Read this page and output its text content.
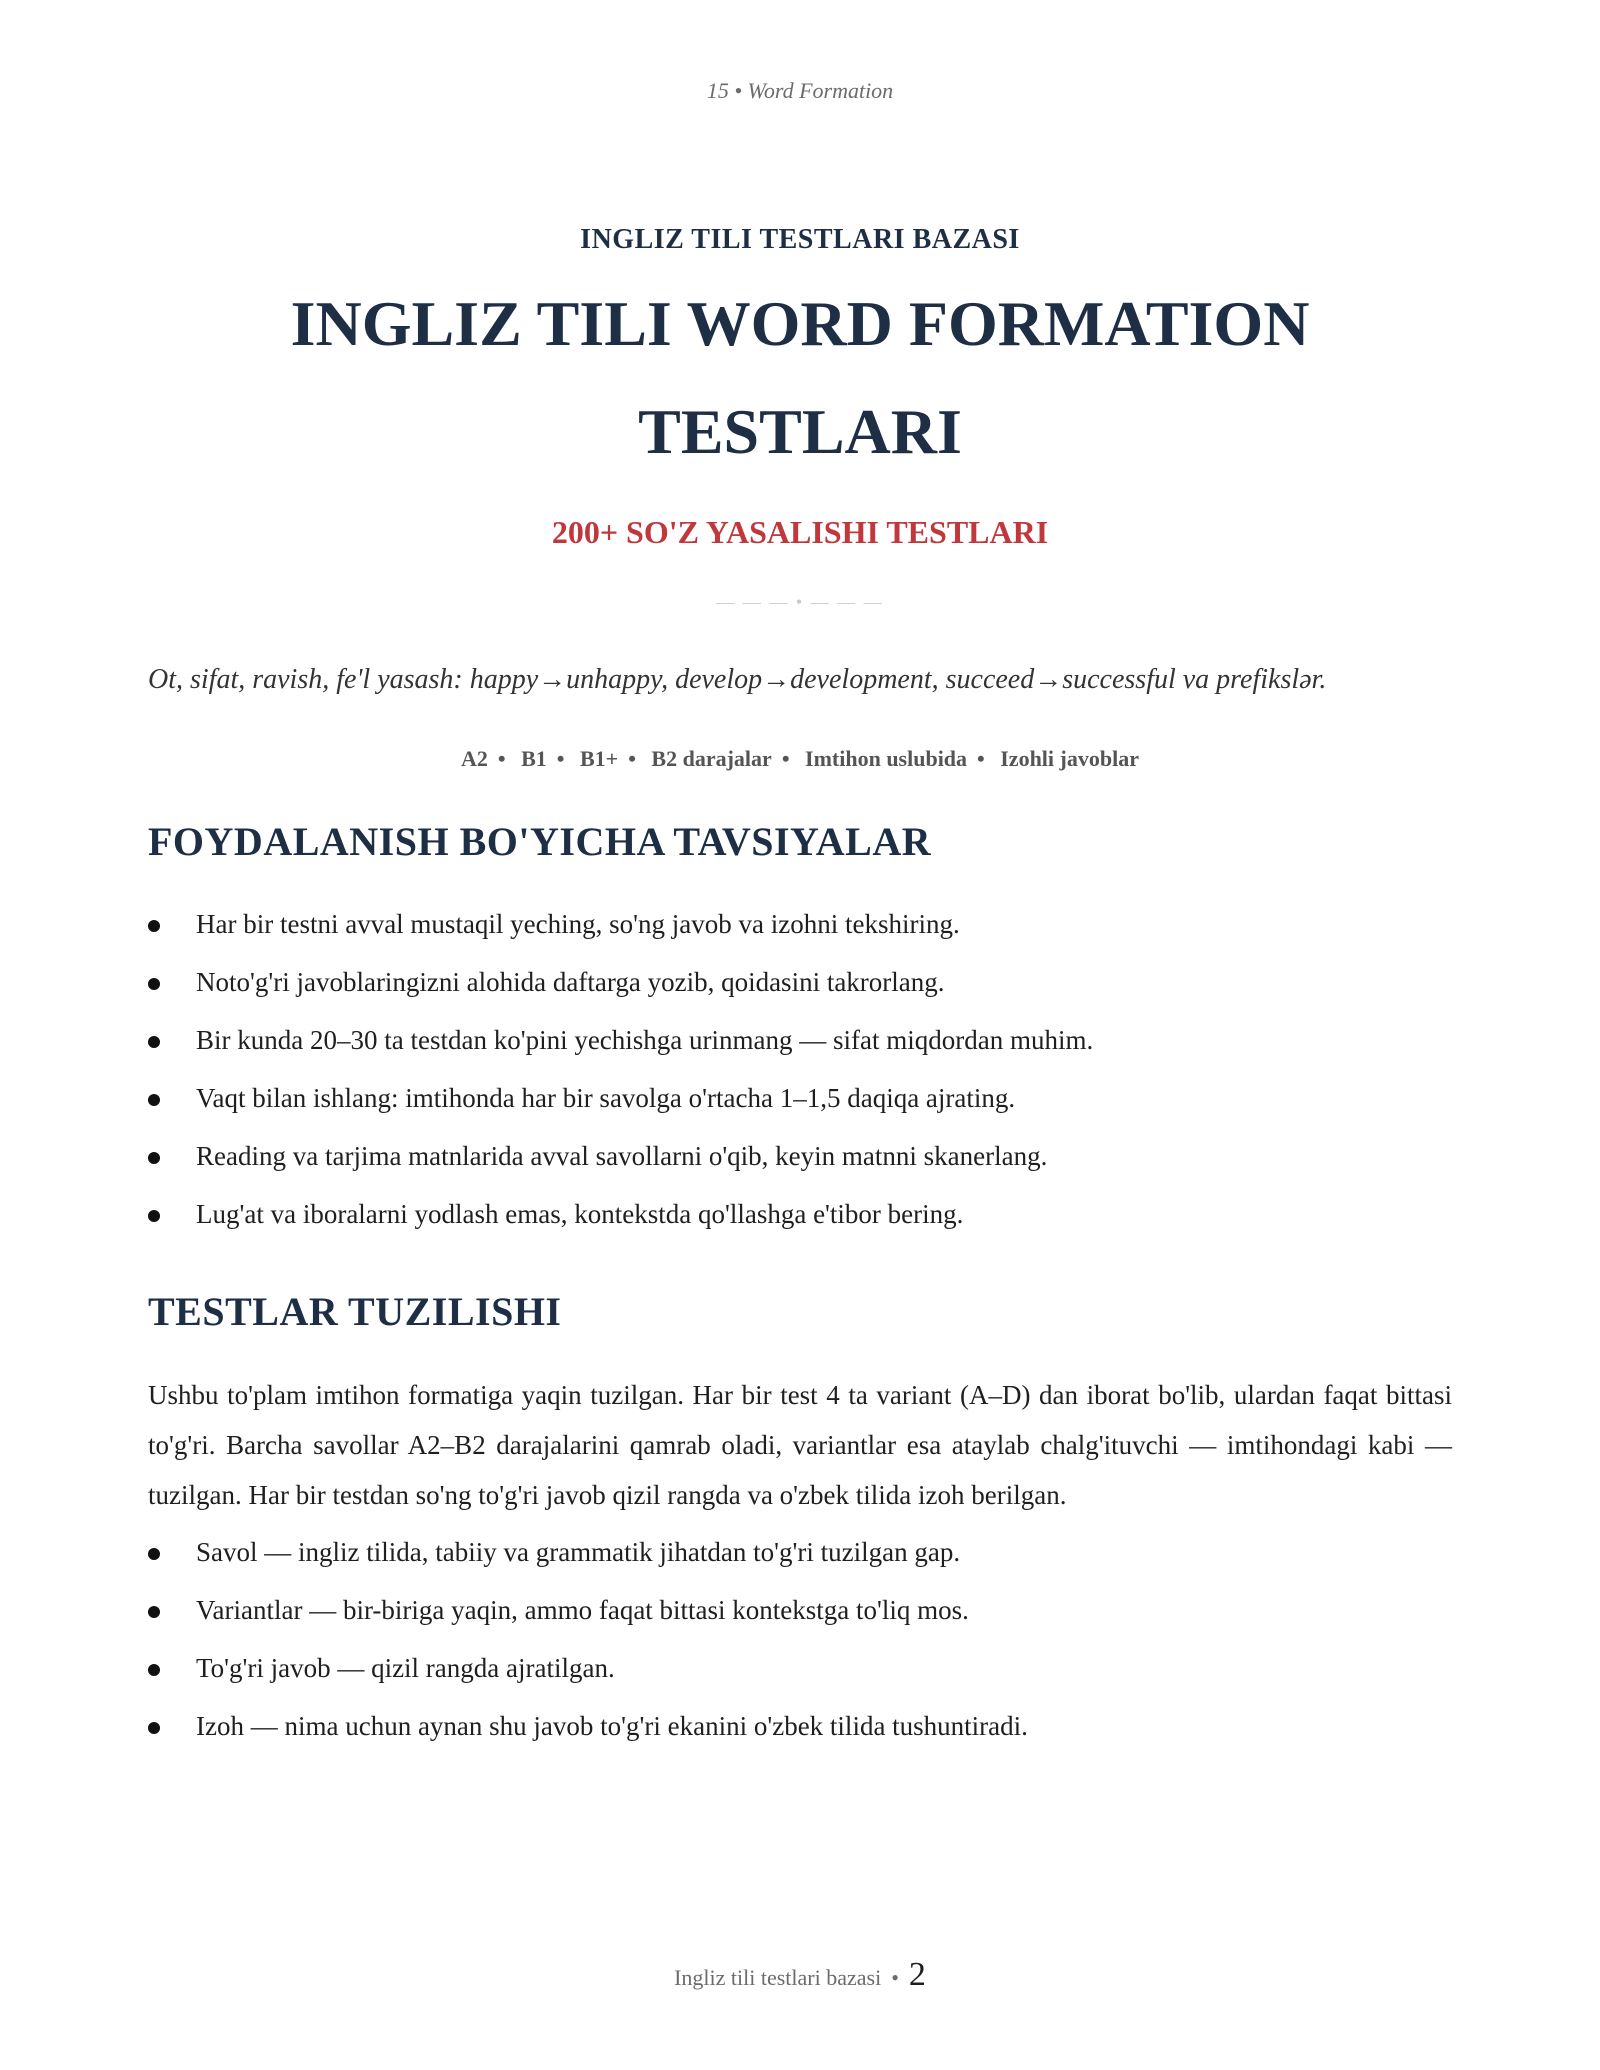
15 • Word Formation
INGLIZ TILI TESTLARI BAZASI
INGLIZ TILI WORD FORMATION
TESTLARI
200+ SO'Z YASALISHI TESTLARI
— — — • — — —
Ot, sifat, ravish, fe'l yasash: happy→unhappy, develop→development, succeed→successful va prefikslər.
A2 • B1 • B1+ • B2 darajalar • Imtihon uslubida • Izohli javoblar
FOYDALANISH BO'YICHA TAVSIYALAR
Har bir testni avval mustaqil yeching, so'ng javob va izohni tekshiring.
Noto'g'ri javoblaringizni alohida daftarga yozib, qoidasini takrorlang.
Bir kunda 20–30 ta testdan ko'pini yechishga urinmang — sifat miqdordan muhim.
Vaqt bilan ishlang: imtihonda har bir savolga o'rtacha 1–1,5 daqiqa ajrating.
Reading va tarjima matnlarida avval savollarni o'qib, keyin matnni skanerlang.
Lug'at va iboralarni yodlash emas, kontekstda qo'llashga e'tibor bering.
TESTLAR TUZILISHI
Ushbu to'plam imtihon formatiga yaqin tuzilgan. Har bir test 4 ta variant (A–D) dan iborat bo'lib, ulardan faqat bittasi to'g'ri. Barcha savollar A2–B2 darajalarini qamrab oladi, variantlar esa ataylab chalg'ituvchi — imtihondagi kabi — tuzilgan. Har bir testdan so'ng to'g'ri javob qizil rangda va o'zbek tilida izoh berilgan.
Savol — ingliz tilida, tabiiy va grammatik jihatdan to'g'ri tuzilgan gap.
Variantlar — bir-biriga yaqin, ammo faqat bittasi kontekstga to'liq mos.
To'g'ri javob — qizil rangda ajratilgan.
Izoh — nima uchun aynan shu javob to'g'ri ekanini o'zbek tilida tushuntiradi.
Ingliz tili testlari bazasi • 2
